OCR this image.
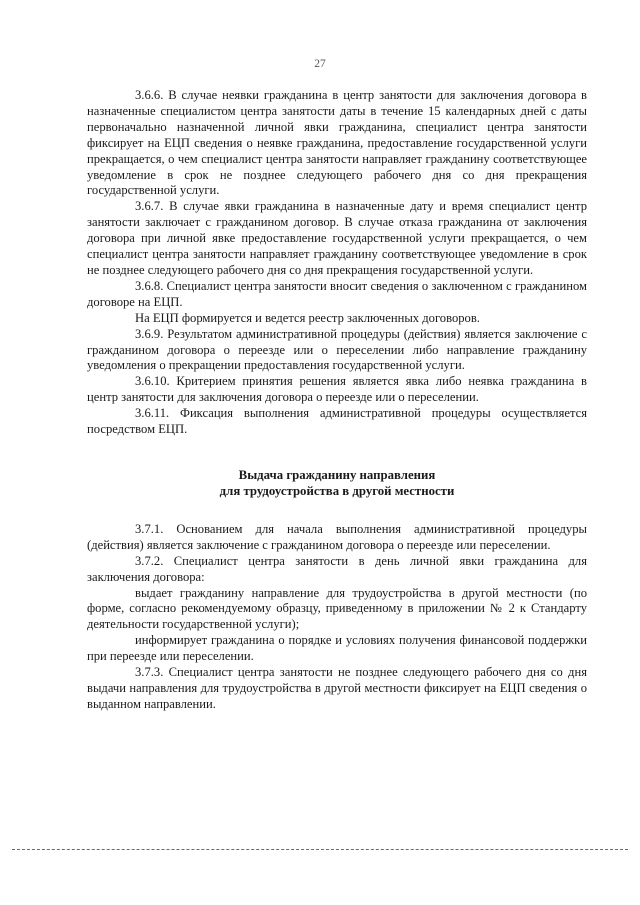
27

3.6.6. В случае неявки гражданина в центр занятости для заключения договора в назначенные специалистом центра занятости даты в течение 15 календарных дней с даты первоначально назначенной личной явки гражданина, специалист центра занятости фиксирует на ЕЦП сведения о неявке гражданина, предоставление государственной услуги прекращается, о чем специалист центра занятости направляет гражданину соответствующее уведомление в срок не позднее следующего рабочего дня со дня прекращения государственной услуги.

3.6.7. В случае явки гражданина в назначенные дату и время специалист центр занятости заключает с гражданином договор. В случае отказа гражданина от заключения договора при личной явке предоставление государственной услуги прекращается, о чем специалист центра занятости направляет гражданину соответствующее уведомление в срок не позднее следующего рабочего дня со дня прекращения государственной услуги.

3.6.8. Специалист центра занятости вносит сведения о заключенном с гражданином договоре на ЕЦП.

На ЕЦП формируется и ведется реестр заключенных договоров.

3.6.9. Результатом административной процедуры (действия) является заключение с гражданином договора о переезде или о переселении либо направление гражданину уведомления о прекращении предоставления государственной услуги.

3.6.10. Критерием принятия решения является явка либо неявка гражданина в центр занятости для заключения договора о переезде или о переселении.

3.6.11. Фиксация выполнения административной процедуры осуществляется посредством ЕЦП.

Выдача гражданину направления
для трудоустройства в другой местности

3.7.1. Основанием для начала выполнения административной процедуры (действия) является заключение с гражданином договора о переезде или переселении.

3.7.2. Специалист центра занятости в день личной явки гражданина для заключения договора:

выдает гражданину направление для трудоустройства в другой местности (по форме, согласно рекомендуемому образцу, приведенному в приложении № 2 к Стандарту деятельности государственной услуги);

информирует гражданина о порядке и условиях получения финансовой поддержки при переезде или переселении.

3.7.3. Специалист центра занятости не позднее следующего рабочего дня со дня выдачи направления для трудоустройства в другой местности фиксирует на ЕЦП сведения о выданном направлении.
